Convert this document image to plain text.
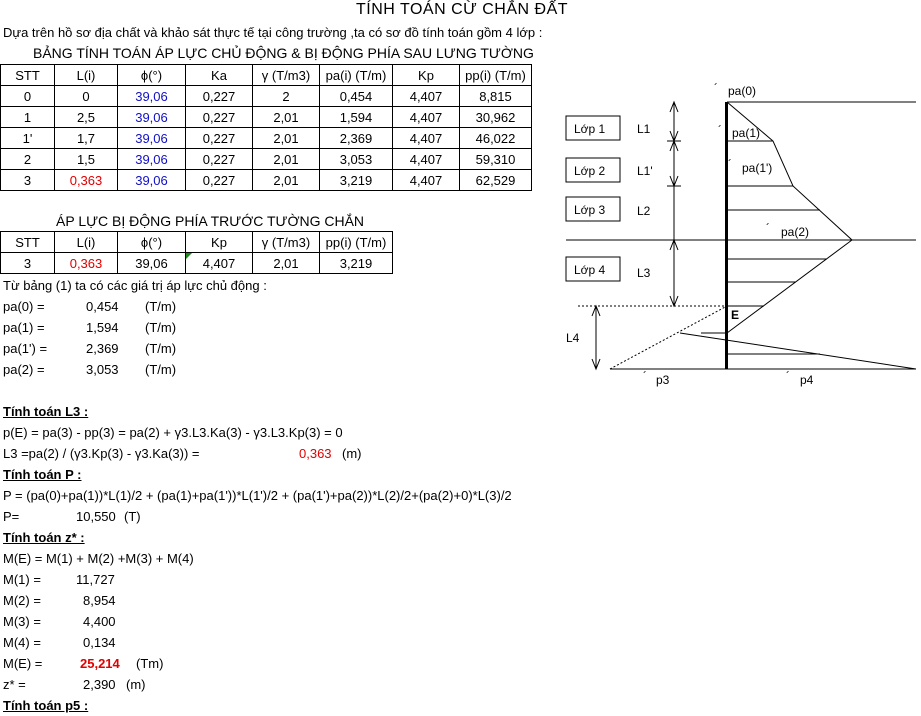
TÍNH TOÁN CỪ CHẮN ĐẤT
Dựa trên hồ sơ địa chất và khảo sát thực tế tại công trường ,ta có sơ đồ tính toán gồm 4 lớp :
BẢNG TÍNH TOÁN ÁP LỰC CHỦ ĐỘNG & BỊ ĐỘNG PHÍA SAU LƯNG TƯỜNG
STT	L(i)	ϕ(°)	Ka	γ (T/m3)	pa(i) (T/m)	Kp	pp(i) (T/m)
0	0	39,06	0,227	2	0,454	4,407	8,815
1	2,5	39,06	0,227	2,01	1,594	4,407	30,962
1'	1,7	39,06	0,227	2,01	2,369	4,407	46,022
2	1,5	39,06	0,227	2,01	3,053	4,407	59,310
3	0,363	39,06	0,227	2,01	3,219	4,407	62,529
ÁP LỰC BỊ ĐỘNG PHÍA TRƯỚC TƯỜNG CHẮN
STT	L(i)	ϕ(°)	Kp	γ (T/m3)	pp(i) (T/m)
3	0,363	39,06	4,407	2,01	3,219
Từ bảng (1) ta có các giá trị áp lực chủ động :
pa(0) =	0,454 (T/m)
pa(1) =	1,594 (T/m)
pa(1') =	2,369 (T/m)
pa(2) =	3,053 (T/m)
Tính toán L3 :
p(E) = pa(3) - pp(3) = pa(2) + γ3.L3.Ka(3) - γ3.L3.Kp(3) = 0
L3 =pa(2) / (γ3.Kp(3) - γ3.Ka(3)) =	0,363 (m)
Tính toán P :
P = (pa(0)+pa(1))*L(1)/2 + (pa(1)+pa(1'))*L(1')/2 + (pa(1')+pa(2))*L(2)/2+(pa(2)+0)*L(3)/2
P=	10,550 (T)
Tính toán z* :
M(E) = M(1) + M(2) +M(3) + M(4)
M(1) =	11,727
M(2) =	8,954
M(3) =	4,400
M(4) =	0,134
M(E) =	25,214 (Tm)
z* =	2,390 (m)
Tính toán p5 :
Lớp 1
Lớp 2
Lớp 3
Lớp 4
L1
L1'
L2
L3
L4
´ pa(0)
´ pa(1)
´ pa(1')
´ pa(2)
E
´ p3	´ p4
